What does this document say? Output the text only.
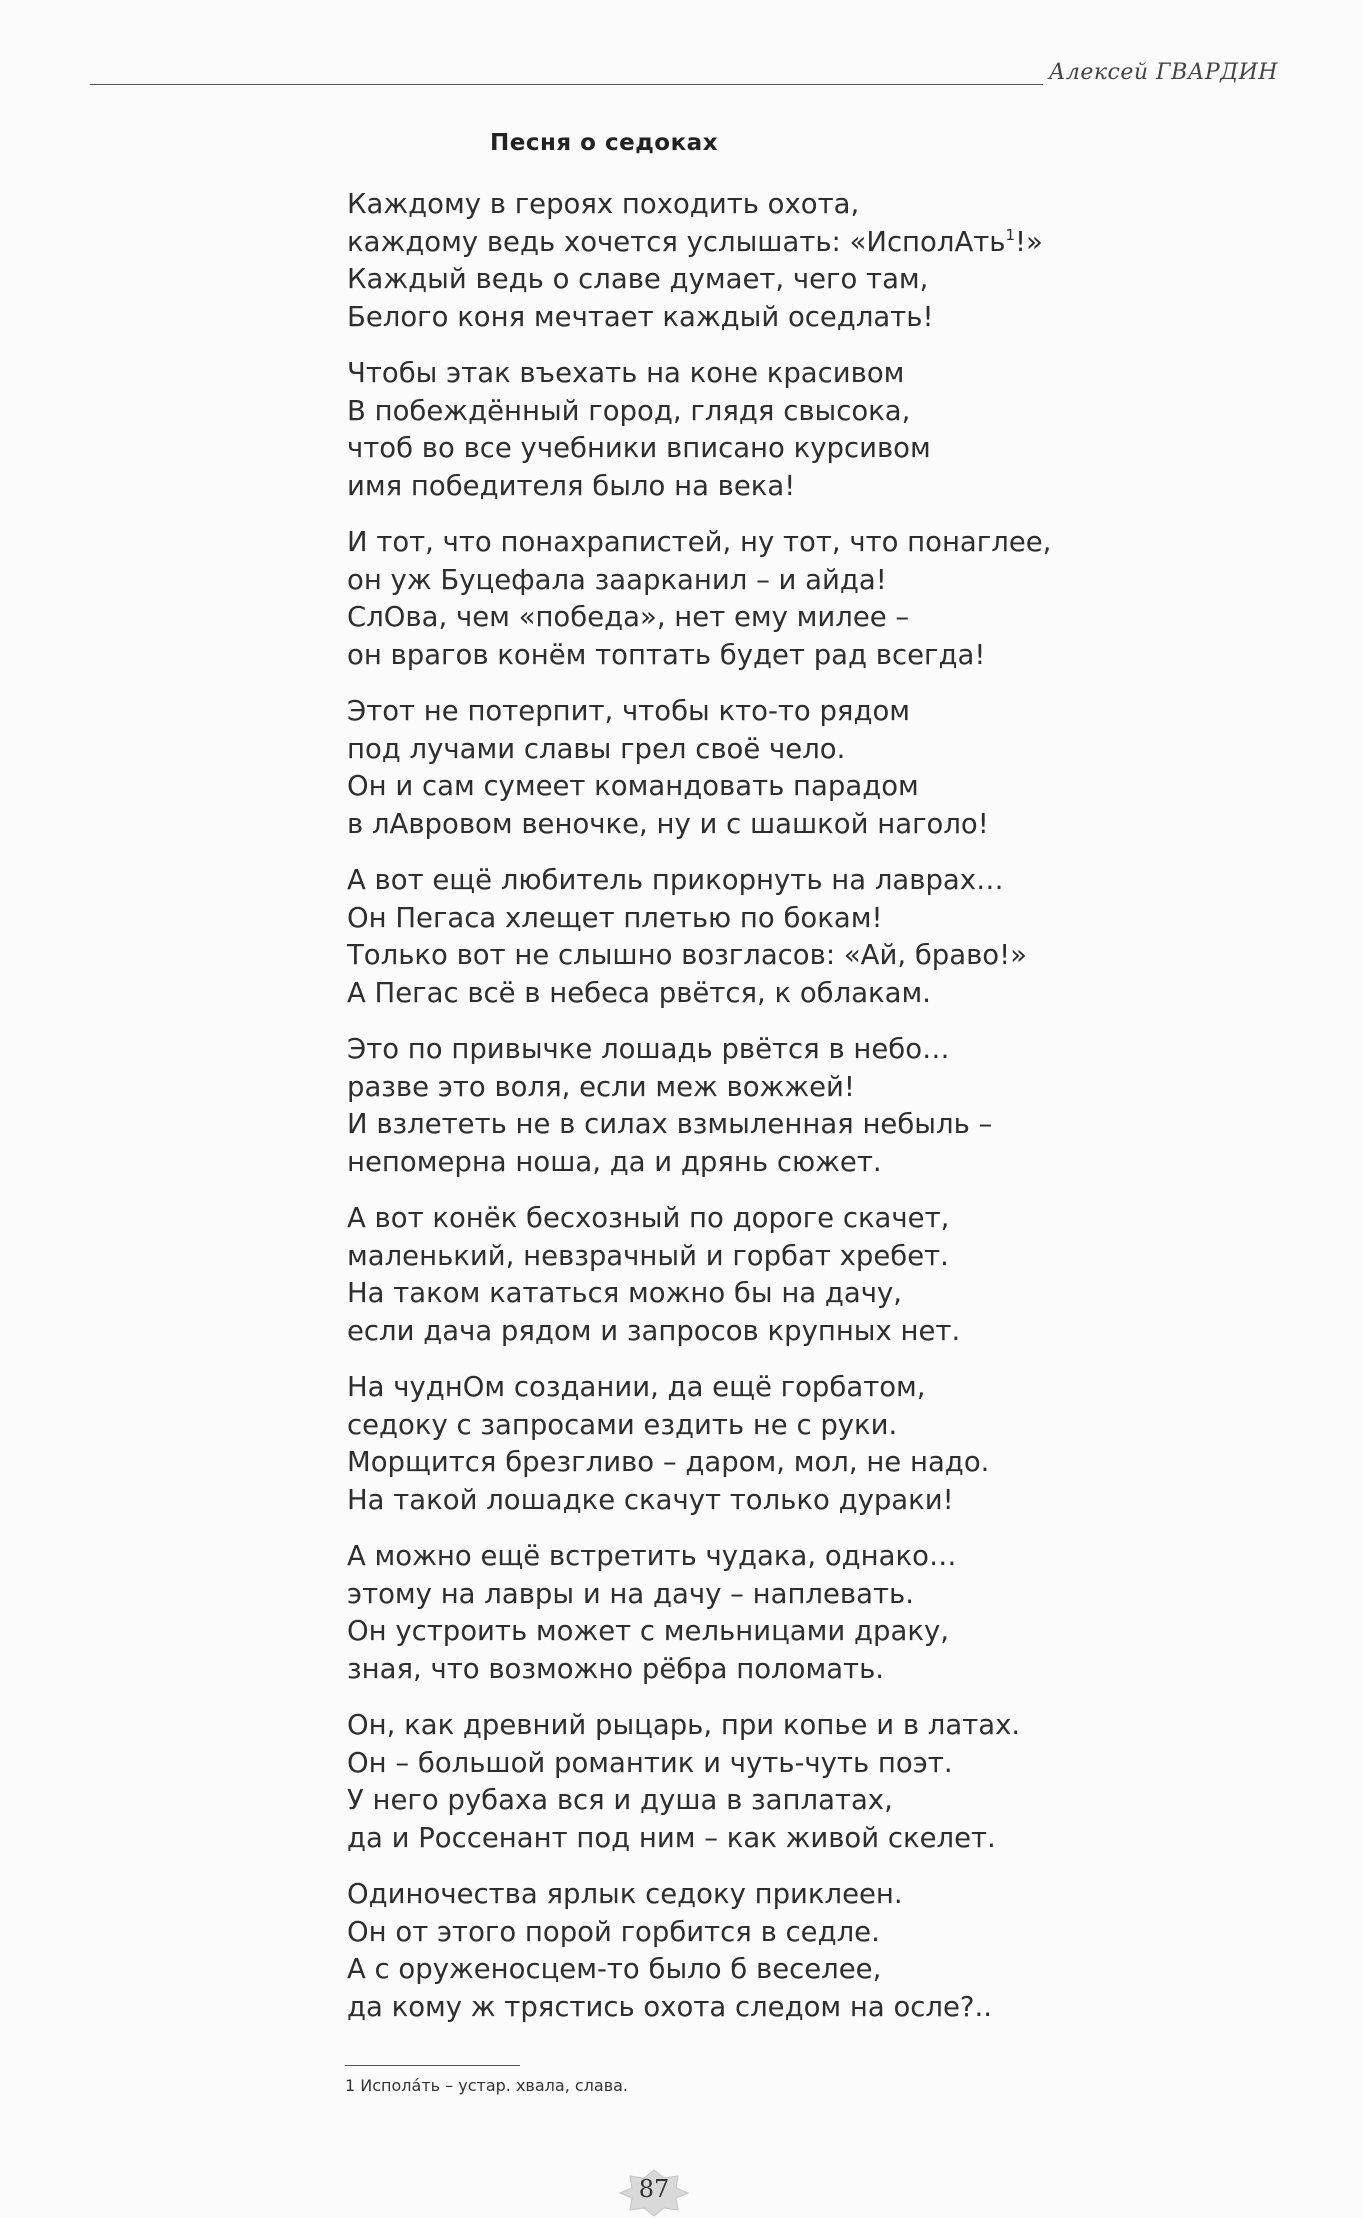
Алексей ГВАРДИН
Песня о седоках
Каждому в героях походить охота,
каждому ведь хочется услышать: «ИсполАть$^1$!»
Каждый ведь о славе думает, чего там,
Белого коня мечтает каждый оседлать!
Чтобы этак въехать на коне красивом
В побеждённый город, глядя свысока,
чтоб во все учебники вписано курсивом
имя победителя было на века!
И тот, что понахрапистей, ну тот, что понаглее,
он уж Буцефала заарканил – и айда!
СлОва, чем «победа», нет ему милее –
он врагов конём топтать будет рад всегда!
Этот не потерпит, чтобы кто-то рядом
под лучами славы грел своё чело.
Он и сам сумеет командовать парадом
в лАвровом веночке, ну и с шашкой наголо!
А вот ещё любитель прикорнуть на лаврах…
Он Пегаса хлещет плетью по бокам!
Только вот не слышно возгласов: «Ай, браво!»
А Пегас всё в небеса рвётся, к облакам.
Это по привычке лошадь рвётся в небо…
разве это воля, если меж вожжей!
И взлететь не в силах взмыленная небыль –
непомерна ноша, да и дрянь сюжет.
А вот конёк бесхозный по дороге скачет,
маленький, невзрачный и горбат хребет.
На таком кататься можно бы на дачу,
если дача рядом и запросов крупных нет.
На чуднОм создании, да ещё горбатом,
седоку с запросами ездить не с руки.
Морщится брезгливо – даром, мол, не надо.
На такой лошадке скачут только дураки!
А можно ещё встретить чудака, однако…
этому на лавры и на дачу – наплевать.
Он устроить может с мельницами драку,
зная, что возможно рёбра поломать.
Он, как древний рыцарь, при копье и в латах.
Он – большой романтик и чуть-чуть поэт.
У него рубаха вся и душа в заплатах,
да и Россенант под ним – как живой скелет.
Одиночества ярлык седоку приклеен.
Он от этого порой горбится в седле.
А с оруженосцем-то было б веселее,
да кому ж трястись охота следом на осле?..
1 Исполáть – устар. хвала, слава.
87
